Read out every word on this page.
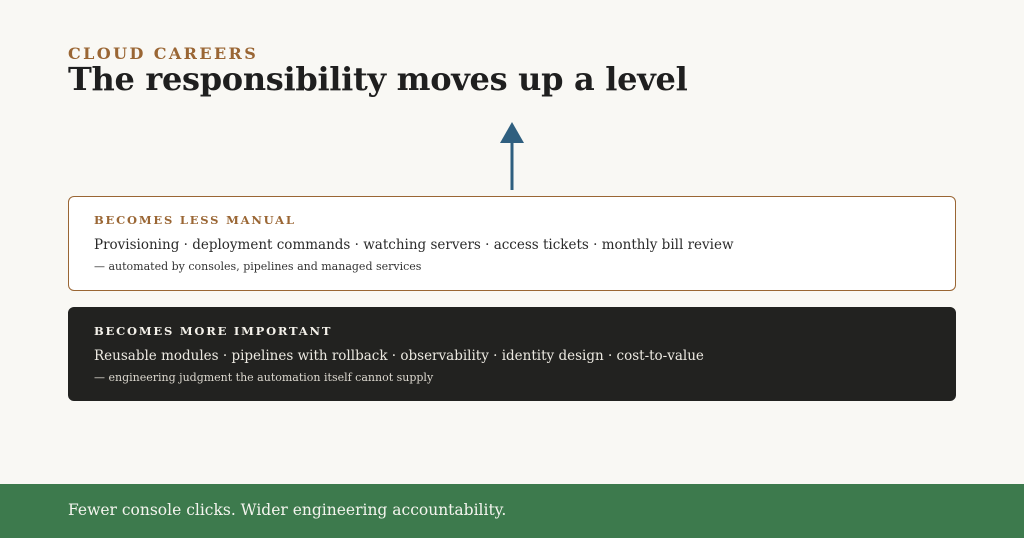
CLOUD CAREERS
The responsibility moves up a level
BECOMES LESS MANUAL
Provisioning · deployment commands · watching servers · access tickets · monthly bill review
— automated by consoles, pipelines and managed services
BECOMES MORE IMPORTANT
Reusable modules · pipelines with rollback · observability · identity design · cost-to-value
— engineering judgment the automation itself cannot supply
Fewer console clicks. Wider engineering accountability.
